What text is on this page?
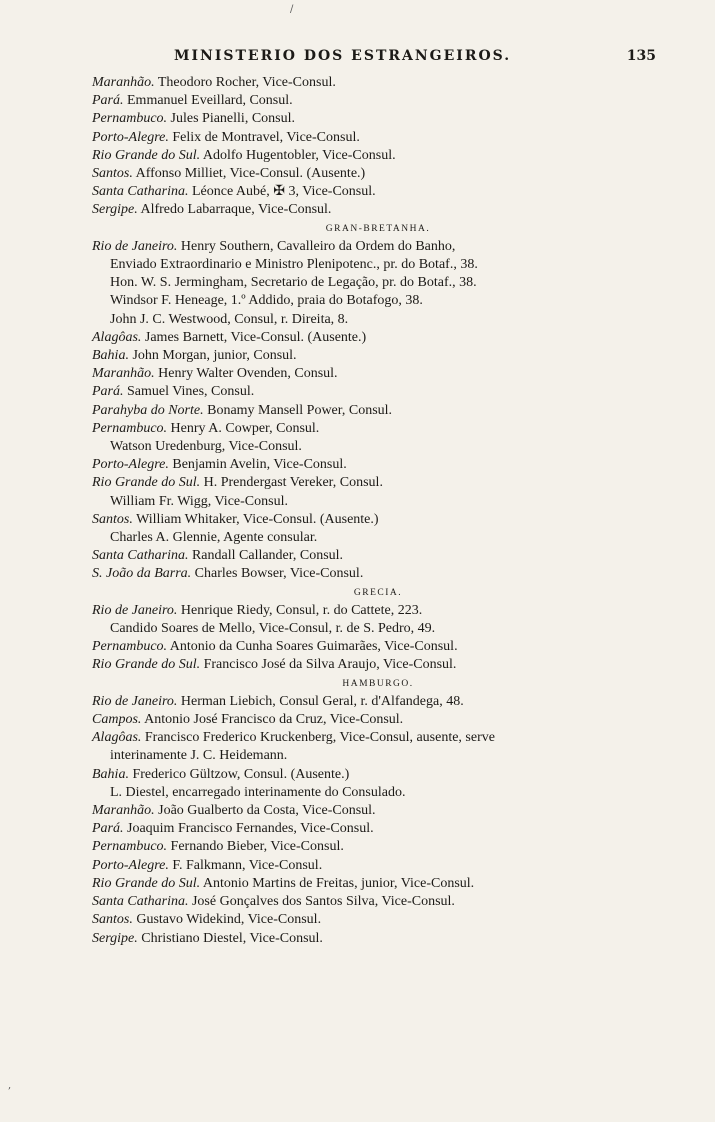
MINISTERIO DOS ESTRANGEIROS.	135
Maranhão. Theodoro Rocher, Vice-Consul.
Pará. Emmanuel Eveillard, Consul.
Pernambuco. Jules Pianelli, Consul.
Porto-Alegre. Felix de Montravel, Vice-Consul.
Rio Grande do Sul. Adolfo Hugentobler, Vice-Consul.
Santos. Affonso Milliet, Vice-Consul. (Ausente.)
Santa Catharina. Léonce Aubé, ✠ 3, Vice-Consul.
Sergipe. Alfredo Labarraque, Vice-Consul.
GRAN-BRETANHA.
Rio de Janeiro. Henry Southern, Cavalleiro da Ordem do Banho,
Enviado Extraordinario e Ministro Plenipotenc., pr. do Botaf., 38.
Hon. W. S. Jermingham, Secretario de Legação, pr. do Botaf., 38.
Windsor F. Heneage, 1.º Addido, praia do Botafogo, 38.
John J. C. Westwood, Consul, r. Direita, 8.
Alagôas. James Barnett, Vice-Consul. (Ausente.)
Bahia. John Morgan, junior, Consul.
Maranhão. Henry Walter Ovenden, Consul.
Pará. Samuel Vines, Consul.
Parahyba do Norte. Bonamy Mansell Power, Consul.
Pernambuco. Henry A. Cowper, Consul.
Watson Uredenburg, Vice-Consul.
Porto-Alegre. Benjamin Avelin, Vice-Consul.
Rio Grande do Sul. H. Prendergast Vereker, Consul.
William Fr. Wigg, Vice-Consul.
Santos. William Whitaker, Vice-Consul. (Ausente.)
Charles A. Glennie, Agente consular.
Santa Catharina. Randall Callander, Consul.
S. João da Barra. Charles Bowser, Vice-Consul.
GRECIA.
Rio de Janeiro. Henrique Riedy, Consul, r. do Cattete, 223.
Candido Soares de Mello, Vice-Consul, r. de S. Pedro, 49.
Pernambuco. Antonio da Cunha Soares Guimarães, Vice-Consul.
Rio Grande do Sul. Francisco José da Silva Araujo, Vice-Consul.
HAMBURGO.
Rio de Janeiro. Herman Liebich, Consul Geral, r. d'Alfandega, 48.
Campos. Antonio José Francisco da Cruz, Vice-Consul.
Alagôas. Francisco Frederico Kruckenberg, Vice-Consul, ausente, serve
interinamente J. C. Heidemann.
Bahia. Frederico Gültzow, Consul. (Ausente.)
L. Diestel, encarregado interinamente do Consulado.
Maranhão. João Gualberto da Costa, Vice-Consul.
Pará. Joaquim Francisco Fernandes, Vice-Consul.
Pernambuco. Fernando Bieber, Vice-Consul.
Porto-Alegre. F. Falkmann, Vice-Consul.
Rio Grande do Sul. Antonio Martins de Freitas, junior, Vice-Consul.
Santa Catharina. José Gonçalves dos Santos Silva, Vice-Consul.
Santos. Gustavo Widekind, Vice-Consul.
Sergipe. Christiano Diestel, Vice-Consul.
/
,
